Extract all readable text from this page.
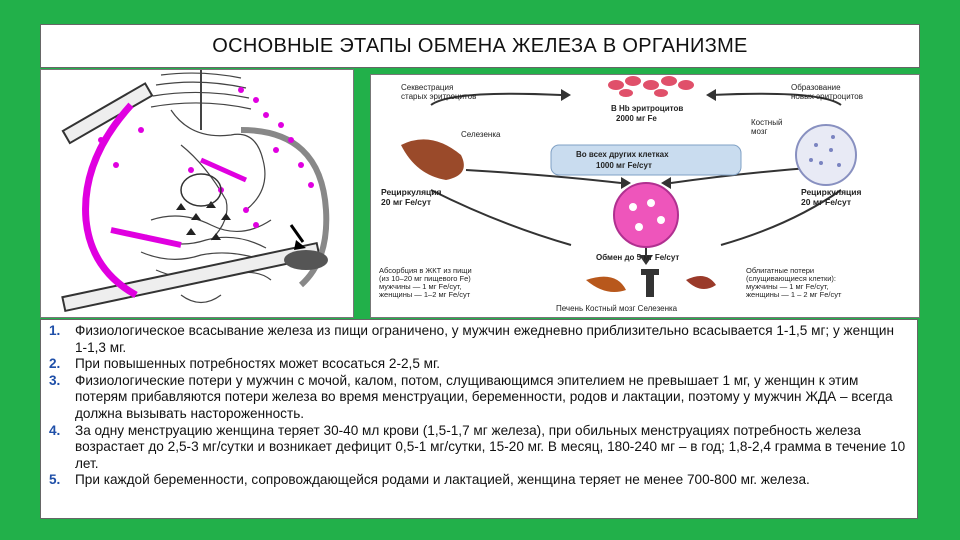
ОСНОВНЫЕ ЭТАПЫ ОБМЕНА ЖЕЛЕЗА В ОРГАНИЗМЕ
Секвестрация
старых эритроцитов
В Hb эритроцитов
2000 мг Fe
Образование
новых эритроцитов
Селезенка
Костный
мозг
Рециркуляция
20 мг Fe/сут
Рециркуляция
20 мг Fe/сут
Во всех других клетках
1000 мг Fe/сут
Обмен до 5 мг Fe/сут
Абсорбция в ЖКТ из пищи
(из 10–20 мг пищевого Fe)
мужчины — 1 мг Fe/сут,
женщины — 1–2 мг Fe/сут
Облигатные потери
(слущивающиеся клетки):
мужчины — 1 мг Fe/сут,
женщины — 1 – 2 мг Fe/сут
Печень Костный мозг Селезенка
1. Физиологическое всасывание железа из пищи ограничено, у мужчин ежедневно приблизительно всасывается 1-1,5 мг; у женщин 1-1,3 мг.
2. При повышенных потребностях может всосаться 2-2,5 мг.
3. Физиологические потери у мужчин с мочой, калом, потом, слущивающимся эпителием не превышает 1 мг, у женщин к этим потерям прибавляются потери железа во время менструации, беременности, родов и лактации, поэтому у мужчин ЖДА – всегда должна вызывать настороженность.
4. За одну менструацию женщина теряет 30-40 мл крови (1,5-1,7 мг железа), при обильных менструациях потребность железа возрастает до 2,5-3 мг/сутки и возникает дефицит 0,5-1 мг/сутки, 15-20 мг. В месяц, 180-240 мг – в год; 1,8-2,4 грамма в течение 10 лет.
5. При каждой беременности, сопровождающейся родами и лактацией, женщина теряет не менее 700-800 мг. железа.
